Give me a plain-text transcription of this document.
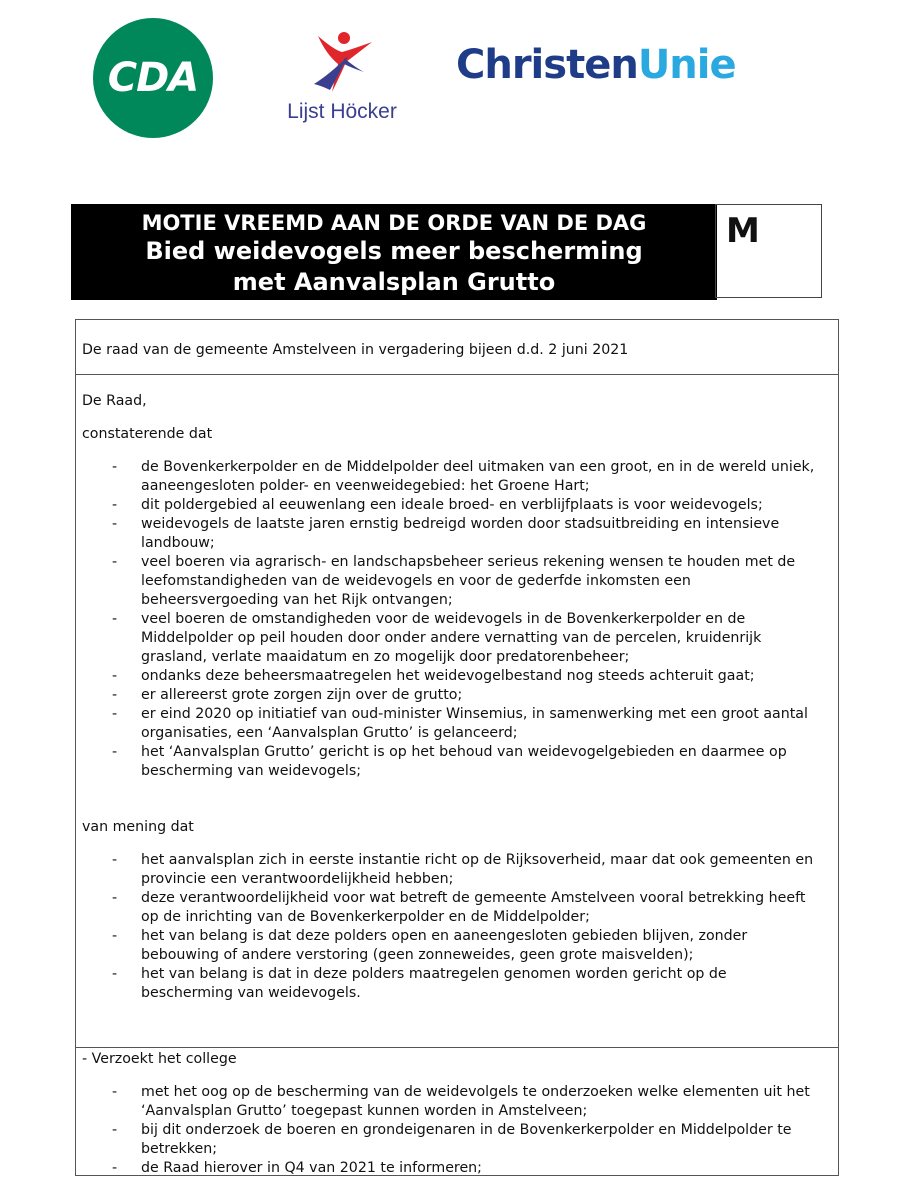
CDA
Lijst Höcker
ChristenUnie
MOTIE VREEMD AAN DE ORDE VAN DE DAG
Bied weidevogels meer bescherming
met Aanvalsplan Grutto
M

De raad van de gemeente Amstelveen in vergadering bijeen d.d. 2 juni 2021

De Raad,

constaterende dat

- de Bovenkerkerpolder en de Middelpolder deel uitmaken van een groot, en in de wereld uniek, aaneengesloten polder- en veenweidegebied: het Groene Hart;
- dit poldergebied al eeuwenlang een ideale broed- en verblijfplaats is voor weidevogels;
- weidevogels de laatste jaren ernstig bedreigd worden door stadsuitbreiding en intensieve landbouw;
- veel boeren via agrarisch- en landschapsbeheer serieus rekening wensen te houden met de leefomstandigheden van de weidevogels en voor de gederfde inkomsten een beheersvergoeding van het Rijk ontvangen;
- veel boeren de omstandigheden voor de weidevogels in de Bovenkerkerpolder en de Middelpolder op peil houden door onder andere vernatting van de percelen, kruidenrijk grasland, verlate maaidatum en zo mogelijk door predatorenbeheer;
- ondanks deze beheersmaatregelen het weidevogelbestand nog steeds achteruit gaat;
- er allereerst grote zorgen zijn over de grutto;
- er eind 2020 op initiatief van oud-minister Winsemius, in samenwerking met een groot aantal organisaties, een ‘Aanvalsplan Grutto’ is gelanceerd;
- het ‘Aanvalsplan Grutto’ gericht is op het behoud van weidevogelgebieden en daarmee op bescherming van weidevogels;

van mening dat

- het aanvalsplan zich in eerste instantie richt op de Rijksoverheid, maar dat ook gemeenten en provincie een verantwoordelijkheid hebben;
- deze verantwoordelijkheid voor wat betreft de gemeente Amstelveen vooral betrekking heeft op de inrichting van de Bovenkerkerpolder en de Middelpolder;
- het van belang is dat deze polders open en aaneengesloten gebieden blijven, zonder bebouwing of andere verstoring (geen zonneweides, geen grote maisvelden);
- het van belang is dat in deze polders maatregelen genomen worden gericht op de bescherming van weidevogels.

- Verzoekt het college

- met het oog op de bescherming van de weidevolgels te onderzoeken welke elementen uit het ‘Aanvalsplan Grutto’ toegepast kunnen worden in Amstelveen;
- bij dit onderzoek de boeren en grondeigenaren in de Bovenkerkerpolder en Middelpolder te betrekken;
- de Raad hierover in Q4 van 2021 te informeren;
